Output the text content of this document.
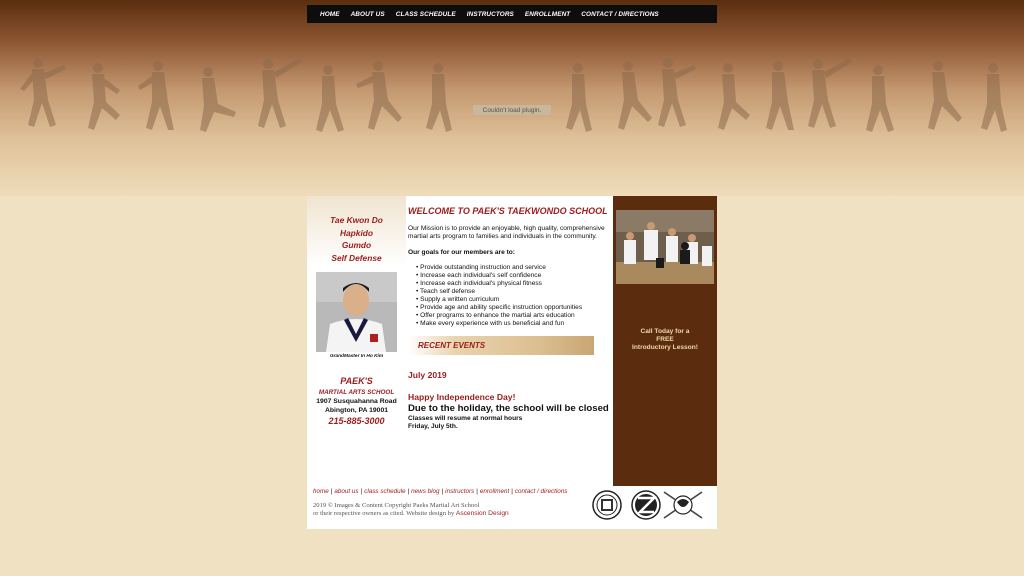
HOME ABOUT US CLASS SCHEDULE INSTRUCTORS ENROLLMENT CONTACT / DIRECTIONS
Couldn't load plugin.
Tae Kwon Do
Hapkido
Gumdo
Self Defense
GrandMaster In Ho Kim
PAEK'S
MARTIAL ARTS SCHOOL
1907 Susquahanna Road
Abington, PA 19001
215-885-3000
WELCOME TO PAEK'S TAEKWONDO SCHOOL

Our Mission is to provide an enjoyable, high quality, comprehensive martial arts program to families and individuals in the community.

Our goals for our members are to:
• Provide outstanding instruction and service
• Increase each individual's self confidence
• Increase each individual's physical fitness
• Teach self defense
• Supply a written curriculum
• Provide age and ability specific instruction opportunities
• Offer programs to enhance the martial arts education
• Make every experience with us beneficial and fun
RECENT EVENTS
July 2019
Happy Independence Day!
Due to the holiday, the school will be closed
Classes will resume at normal hours
Friday, July 5th.
Call Today for a
FREE
Introductory Lesson!
home | about us | class schedule | news blog | instructors | enrollment | contact / directions
2019 © Images & Content Copyright Paeks Martial Art School
or their respective owners as cited. Website design by Ascension Design
